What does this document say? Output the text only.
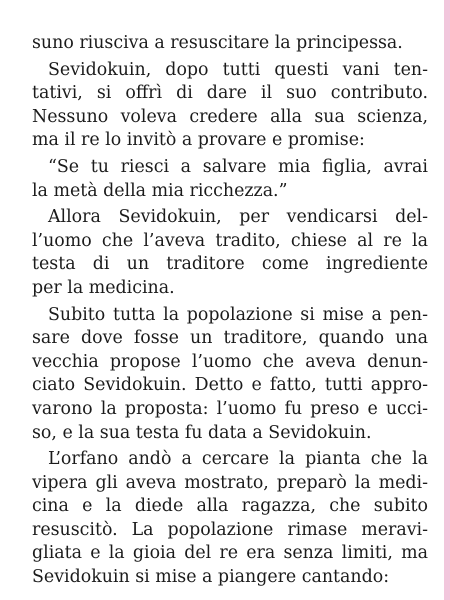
suno riusciva a resuscitare la principessa.
Sevidokuin, dopo tutti questi vani ten-
tativi, si offrì di dare il suo contributo.
Nessuno voleva credere alla sua scienza,
ma il re lo invitò a provare e promise:
“Se tu riesci a salvare mia figlia, avrai
la metà della mia ricchezza.”
Allora Sevidokuin, per vendicarsi del-
l’uomo che l’aveva tradito, chiese al re la
testa di un traditore come ingrediente
per la medicina.
Subito tutta la popolazione si mise a pen-
sare dove fosse un traditore, quando una
vecchia propose l’uomo che aveva denun-
ciato Sevidokuin. Detto e fatto, tutti appro-
varono la proposta: l’uomo fu preso e ucci-
so, e la sua testa fu data a Sevidokuin.
L’orfano andò a cercare la pianta che la
vipera gli aveva mostrato, preparò la medi-
cina e la diede alla ragazza, che subito
resuscitò. La popolazione rimase meravi-
gliata e la gioia del re era senza limiti, ma
Sevidokuin si mise a piangere cantando:
